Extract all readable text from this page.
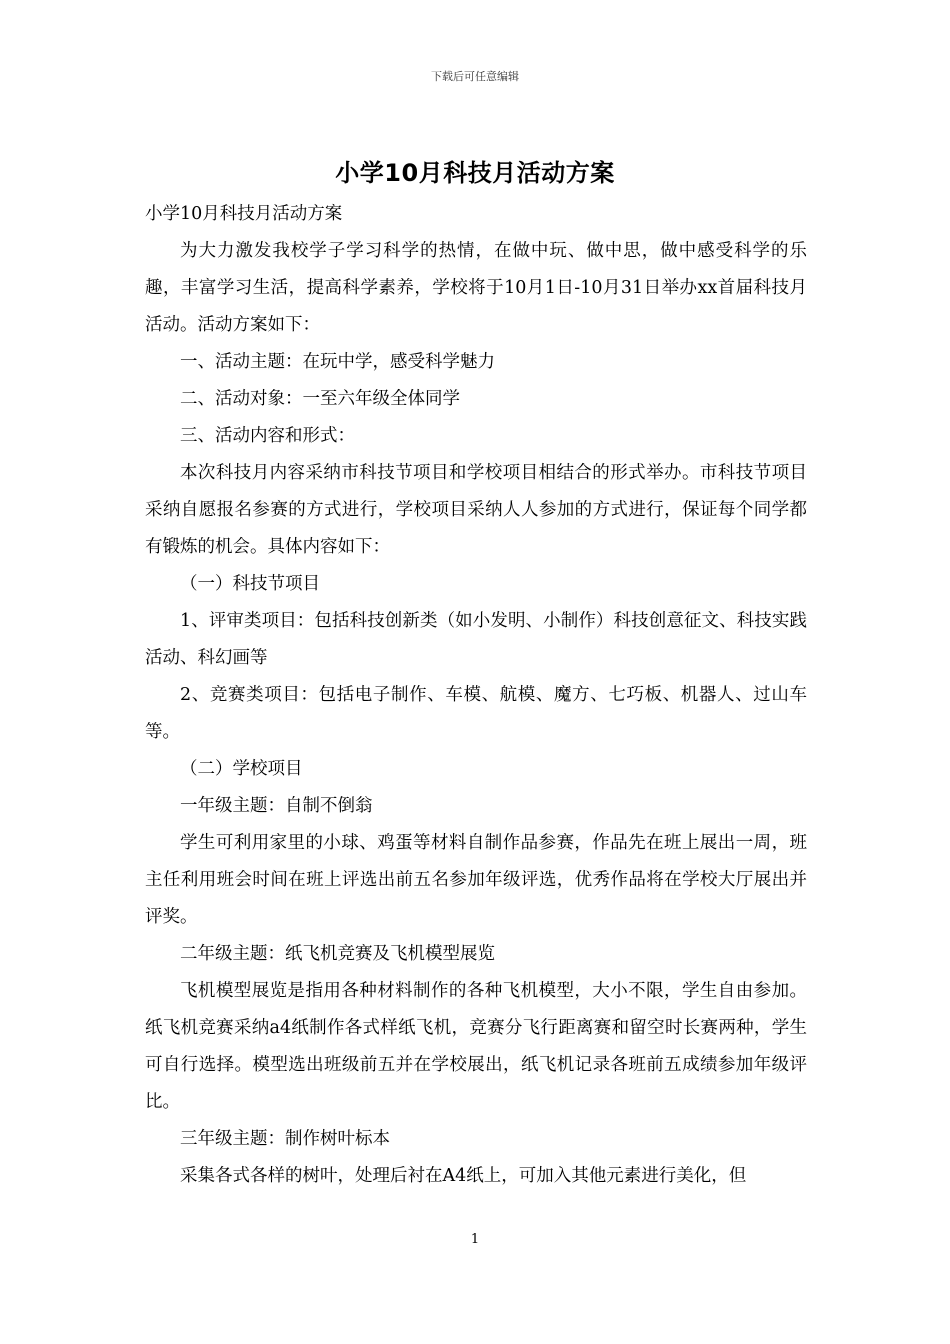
下载后可任意编辑
小学10月科技月活动方案

小学10月科技月活动方案

为大力激发我校学子学习科学的热情，在做中玩、做中思，做中感受科学的乐趣，丰富学习生活，提高科学素养，学校将于10月1日-10月31日举办xx首届科技月活动。活动方案如下：

一、活动主题：在玩中学，感受科学魅力

二、活动对象：一至六年级全体同学

三、活动内容和形式：

本次科技月内容采纳市科技节项目和学校项目相结合的形式举办。市科技节项目采纳自愿报名参赛的方式进行，学校项目采纳人人参加的方式进行，保证每个同学都有锻炼的机会。具体内容如下：

（一）科技节项目

1、评审类项目：包括科技创新类（如小发明、小制作）科技创意征文、科技实践活动、科幻画等

2、竞赛类项目：包括电子制作、车模、航模、魔方、七巧板、机器人、过山车等。

（二）学校项目

一年级主题：自制不倒翁

学生可利用家里的小球、鸡蛋等材料自制作品参赛，作品先在班上展出一周，班主任利用班会时间在班上评选出前五名参加年级评选，优秀作品将在学校大厅展出并评奖。

二年级主题：纸飞机竞赛及飞机模型展览

飞机模型展览是指用各种材料制作的各种飞机模型，大小不限，学生自由参加。纸飞机竞赛采纳a4纸制作各式样纸飞机，竞赛分飞行距离赛和留空时长赛两种，学生可自行选择。模型选出班级前五并在学校展出，纸飞机记录各班前五成绩参加年级评比。

三年级主题：制作树叶标本

采集各式各样的树叶，处理后衬在A4纸上，可加入其他元素进行美化，但

1
